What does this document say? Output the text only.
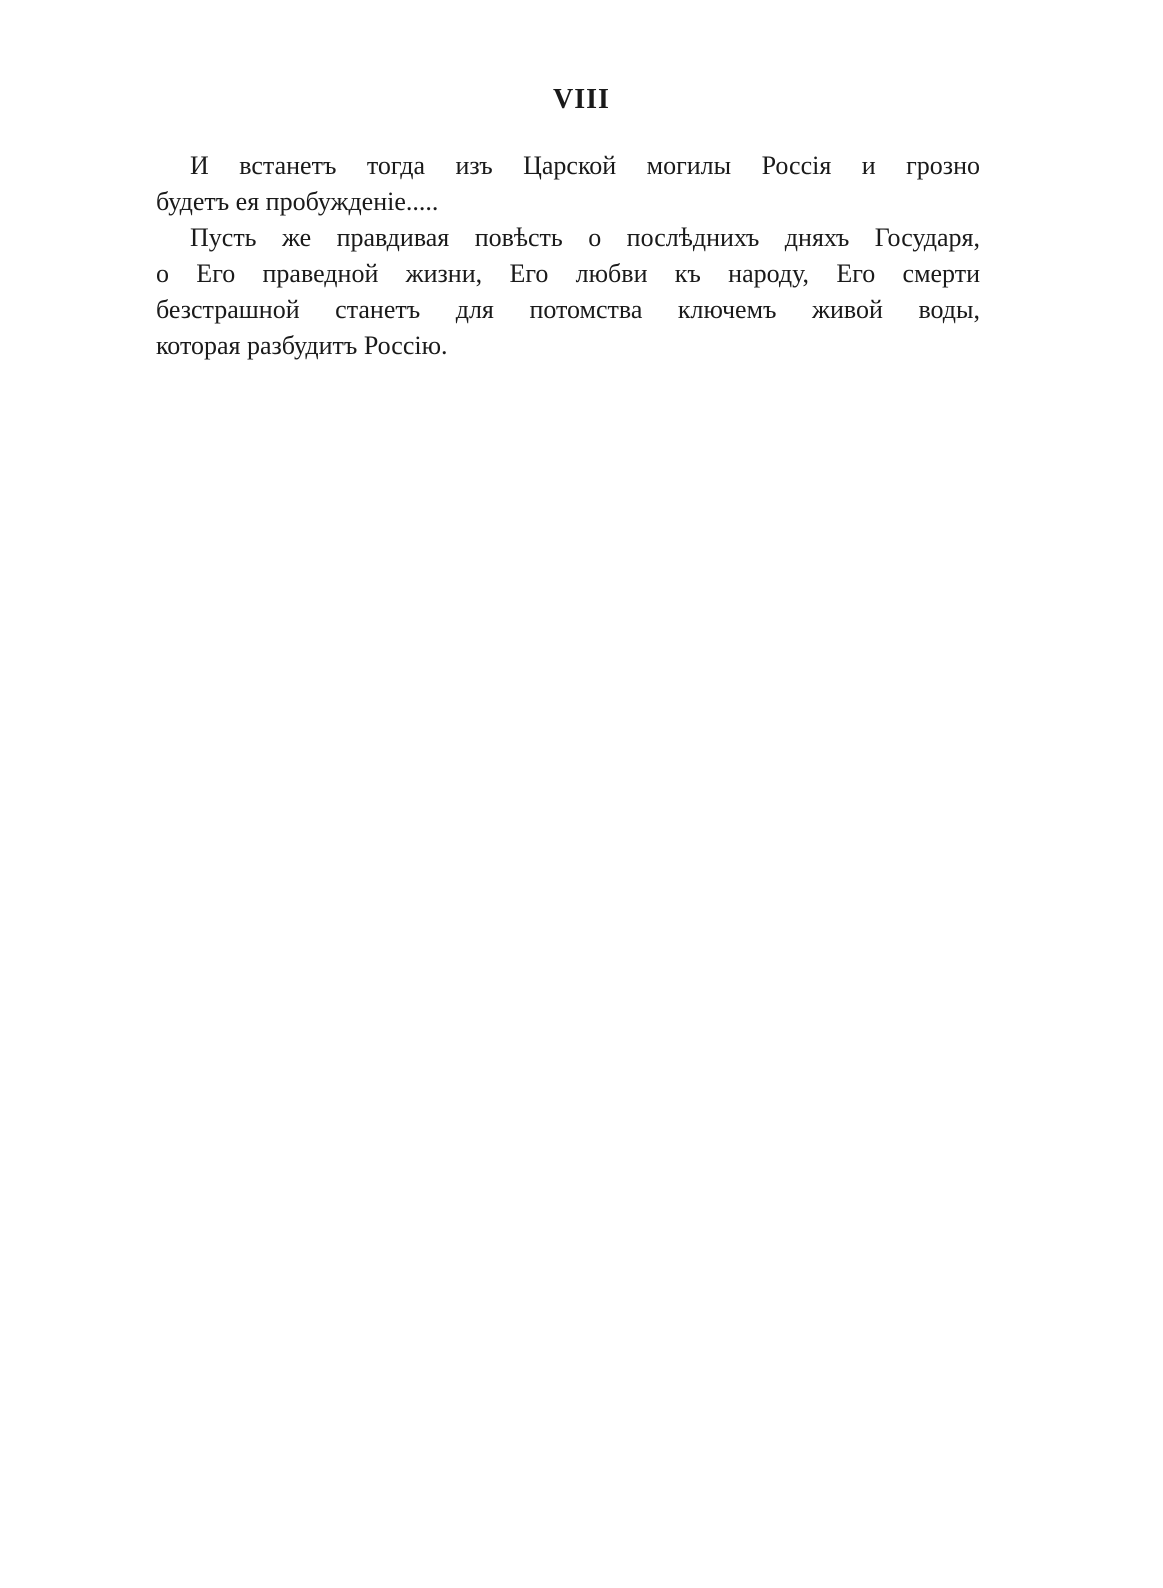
VIII
И встанетъ тогда изъ Царской могилы Россія и грозно
будетъ ея пробужденіе.....
Пусть же правдивая повѣсть о послѣднихъ дняхъ Государя,
о Его праведной жизни, Его любви къ народу, Его смерти
безстрашной станетъ для потомства ключемъ живой воды,
которая разбудитъ Россію.
